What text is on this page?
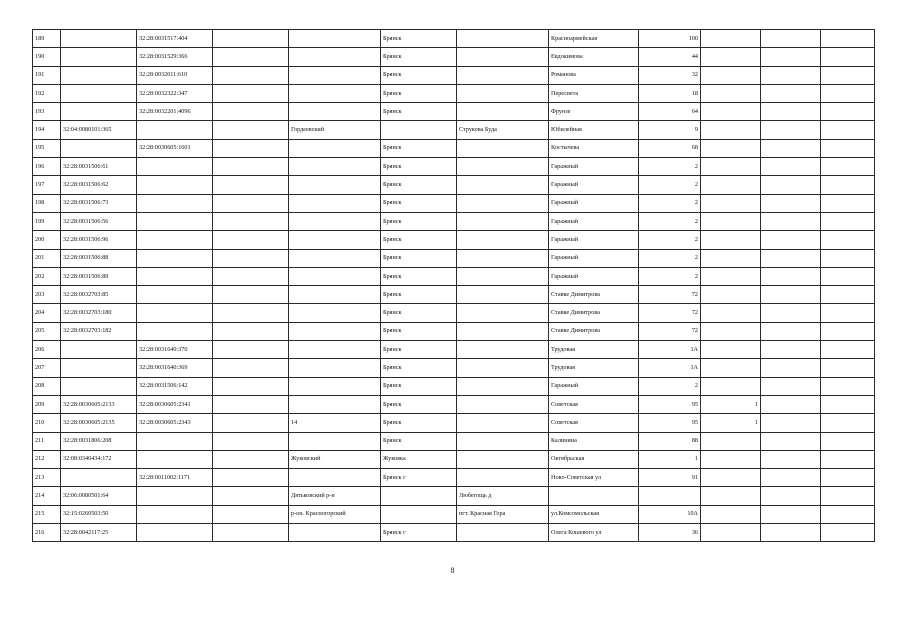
189		32:28:0031517:404			Брянск		Красноармейская	100			
190		32:28:0031529:366			Брянск		Евдокимова	44			
191		32:28:0032011:610			Брянск		Романова	32			
192		32:28:0032322:347			Брянск		Пересвета	18			
193		32:28:0032201:4096			Брянск		Фрунзе	64			
194	32:04:0080101:365			Гордеевский		Струкова Буда	Юбилейная	9			
195		32:28:0030605:1601			Брянск		Костычева	68			
196	32:28:0031506:61				Брянск		Гаражный	2			
197	32:28:0031506:62				Брянск		Гаражный	2			
198	32:28:0031506:73				Брянск		Гаражный	2			
199	32:28:0031506:56				Брянск		Гаражный	2			
200	32:28:0031506:96				Брянск		Гаражный	2			
201	32:28:0031506:88				Брянск		Гаражный	2			
202	32:28:0031506:89				Брянск		Гаражный	2			
203	32:28:0032703:85				Брянск		Ставке Димитрова	72			
204	32:28:0032703:180				Брянск		Ставке Димитрова	72			
205	32:28:0032703:182				Брянск		Ставке Димитрова	72			
206		32:28:0031640:370			Брянск		Трудовая	1А			
207		32:28:0031640:369			Брянск		Трудовая	1А			
208		32:28:0031506:142			Брянск		Гаражный	2			
209	32:28:0030605:2133	32:28:0030605:2341			Брянск		Советская	95	1		
210	32:28:0030605:2135	32:28:0030605:2343		14	Брянск		Советская	95	1		
211	32:28:0031806:208				Брянск		Калинина	88			
212	32:08:0340434:172			Жуковский	Жуковка		Октябрьская	1			
213		32:28:0011002:1171			Брянск г		Ново-Советская ул	91			
214	32:06:0080501:64			Дятьковский р-н		Любегощь д					
215	32:15:0260503:50			р-он. Красногорский		пгт. Красная Гора	ул.Комсомольская	10А			
216	32:28:0042117:25				Брянск г		Олега Кошевого ул	36			
8
